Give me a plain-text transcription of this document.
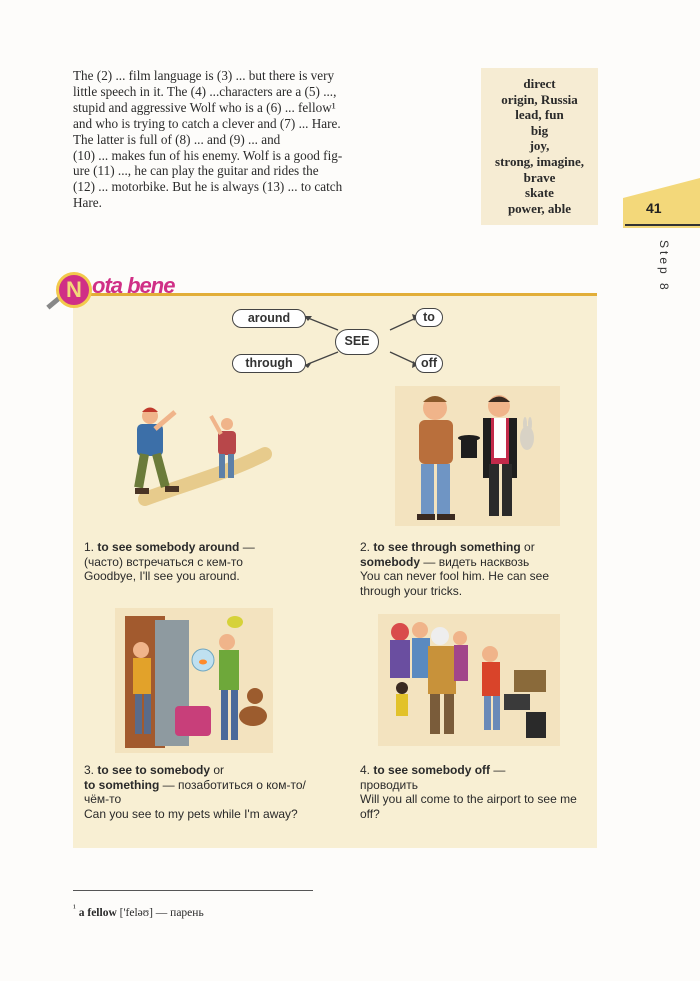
The (2) ... film language is (3) ... but there is very
little speech in it. The (4) ...characters are a (5) ...,
stupid and aggressive Wolf who is a (6) ... fellow¹
and who is trying to catch a clever and (7) ... Hare.
The latter is full of (8) ... and (9) ... and
(10) ... makes fun of his enemy. Wolf is a good fig-
ure (11) ..., he can play the guitar and rides the
(12) ... motorbike. But he is always (13) ... to catch
Hare.
direct
origin, Russia
lead, fun
big
joy,
strong, imagine,
brave
skate
power, able	41
Step 8
N ota bene
around
through
SEE
to
off
1. to see somebody around —
(часто) встречаться с кем-то
Goodbye, I'll see you around.
2. to see through something or
somebody — видеть насквозь
You can never fool him. He can see through your tricks.
3. to see to somebody or
to something — позаботиться о кoм-то/чём-то
Can you see to my pets while I'm away?
4. to see somebody off —
проводить
Will you all come to the airport to see me off?
$^{^1}$ a fellow ['feləʊ] — парень
